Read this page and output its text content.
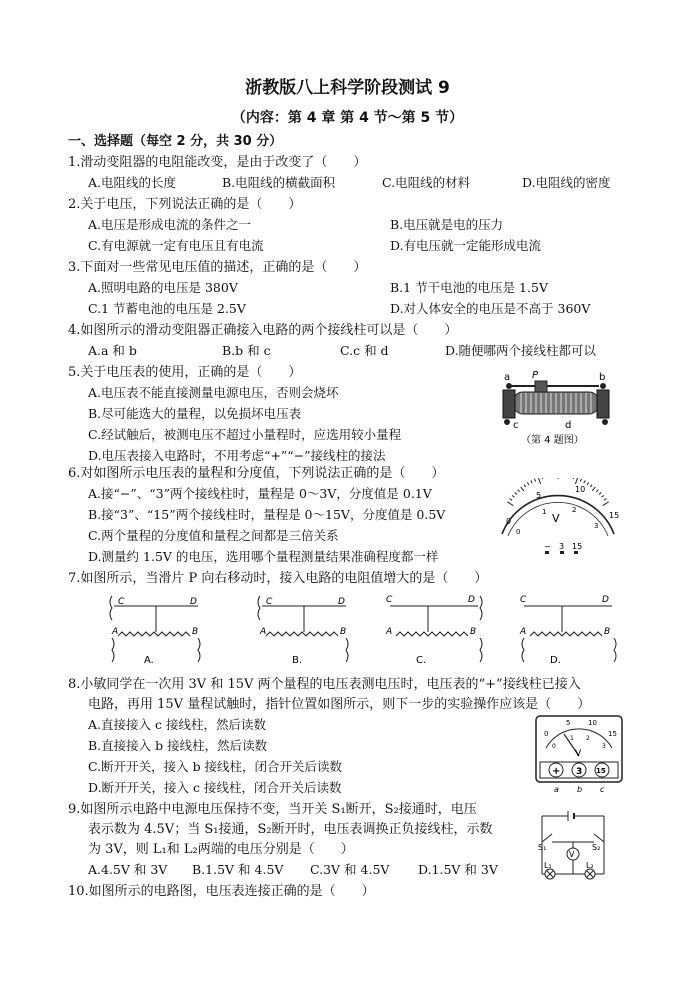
浙教版八上科学阶段测试 9
（内容：第 4 章 第 4 节～第 5 节）
一、选择题（每空 2 分，共 30 分）
1.滑动变阻器的电阻能改变，是由于改变了（　　）
A.电阻线的长度	B.电阻线的横截面积	C.电阻线的材料	D.电阻线的密度
2.关于电压，下列说法正确的是（　　）
A.电压是形成电流的条件之一	B.电压就是电的压力
C.有电源就一定有电压且有电流	D.有电压就一定能形成电流
3.下面对一些常见电压值的描述，正确的是（　　）
A.照明电路的电压是 380V	B.1 节干电池的电压是 1.5V
C.1 节蓄电池的电压是 2.5V	D.对人体安全的电压是不高于 360V
4.如图所示的滑动变阻器正确接入电路的两个接线柱可以是（　　）
A.a 和 b	B.b 和 c	C.c 和 d	D.随便哪两个接线柱都可以
5.关于电压表的使用，正确的是（　　）
A.电压表不能直接测量电源电压，否则会烧坏
B.尽可能选大的量程，以免损坏电压表
C.经试触后，被测电压不超过小量程时，应选用较小量程
D.电压表接入电路时，不用考虑“+”“−”接线柱的接法
a P	b
c	d
（第 4 题图）
6.对如图所示电压表的量程和分度值，下列说法正确的是（　　）
A.接“−”、“3”两个接线柱时，量程是 0～3V，分度值是 0.1V
B.接“3”、“15”两个接线柱时，量程是 0～15V，分度值是 0.5V
C.两个量程的分度值和量程之间都是三倍关系
D.测量约 1.5V 的电压，选用哪个量程测量结果准确程度都一样
0
5
10
15
0
1	2
3
V
− 3 15
7.如图所示，当滑片 P 向右移动时，接入电路的电阻值增大的是（　　）
C	D
A	B
A.
C	D
A	B
B.
C	D
A	B
C.
C	D
A	B
D.
8.小敏同学在一次用 3V 和 15V 两个量程的电压表测电压时，电压表的“+”接线柱已接入
电路，再用 15V 量程试触时，指针位置如图所示，则下一步的实验操作应该是（　　）
A.直接接入 c 接线柱，然后读数
B.直接接入 b 接线柱，然后读数
C.断开开关，接入 b 接线柱，闭合开关后读数
D.断开开关，接入 c 接线柱，闭合开关后读数
0
5	10
15
0
1 2
3
V
+ 3 15
a b c
9.如图所示电路中电源电压保持不变，当开关 S₁断开，S₂接通时，电压
表示数为 4.5V；当 S₁接通，S₂断开时，电压表调换正负接线柱，示数
为 3V，则 L₁和 L₂两端的电压分别是（　　）
A.4.5V 和 3V B.1.5V 和 4.5V C.3V 和 4.5V D.1.5V 和 3V
S₁	S₂
V
L₁	L₂
10.如图所示的电路图，电压表连接正确的是（　　）
